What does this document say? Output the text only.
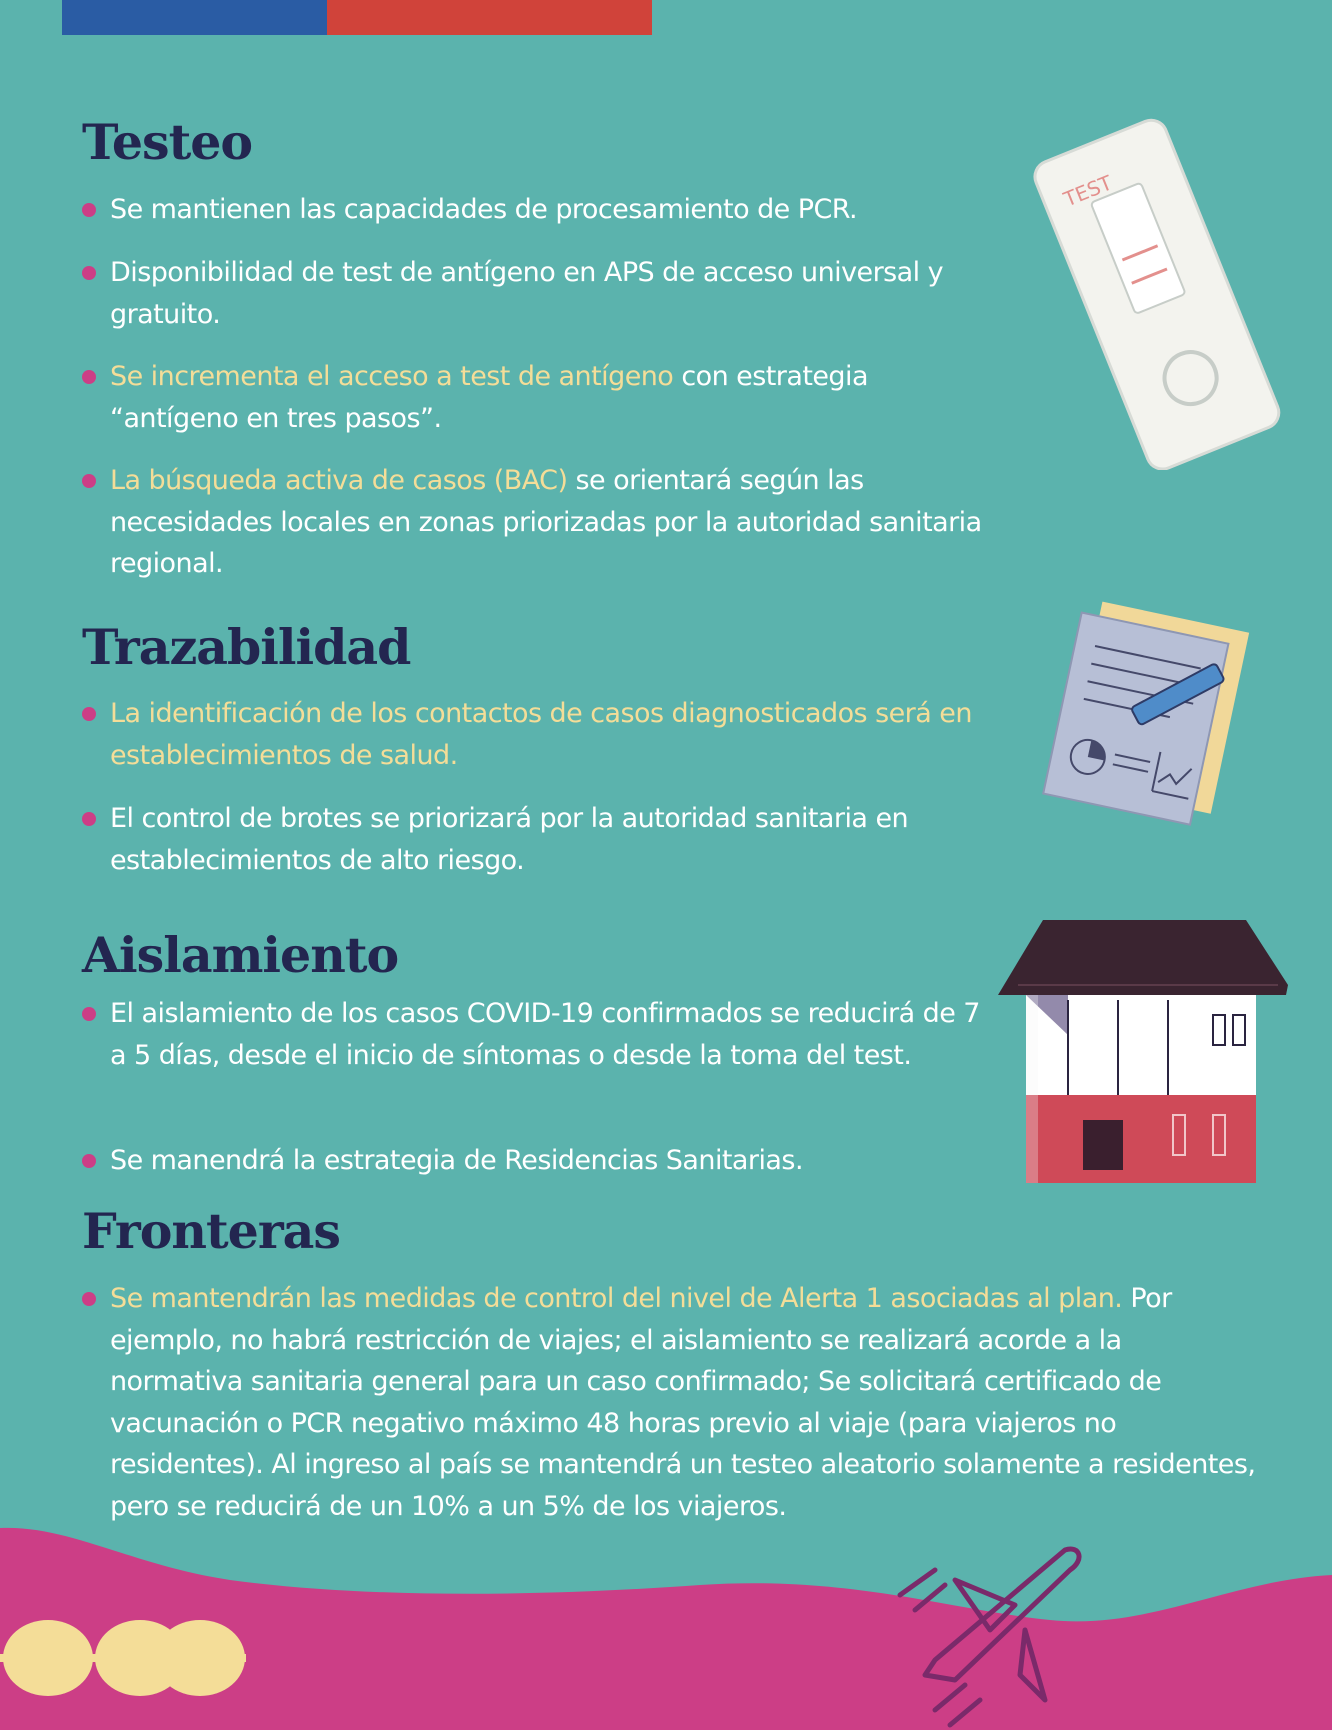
Testeo

Se mantienen las capacidades de procesamiento de PCR.

Disponibilidad de test de antígeno en APS de acceso universal y gratuito.

Se incrementa el acceso a test de antígeno con estrategia “antígeno en tres pasos”.

La búsqueda activa de casos (BAC) se orientará según las necesidades locales en zonas priorizadas por la autoridad sanitaria regional.

Trazabilidad

La identificación de los contactos de casos diagnosticados será en establecimientos de salud.

El control de brotes se priorizará por la autoridad sanitaria en establecimientos de alto riesgo.

Aislamiento

El aislamiento de los casos COVID-19 confirmados se reducirá de 7 a 5 días, desde el inicio de síntomas o desde la toma del test.

Se manendrá la estrategia de Residencias Sanitarias.

Fronteras

Se mantendrán las medidas de control del nivel de Alerta 1 asociadas al plan. Por ejemplo, no habrá restricción de viajes; el aislamiento se realizará acorde a la normativa sanitaria general para un caso confirmado; Se solicitará certificado de vacunación o PCR negativo máximo 48 horas previo al viaje (para viajeros no residentes). Al ingreso al país se mantendrá un testeo aleatorio solamente a residentes, pero se reducirá de un 10% a un 5% de los viajeros.

TEST
